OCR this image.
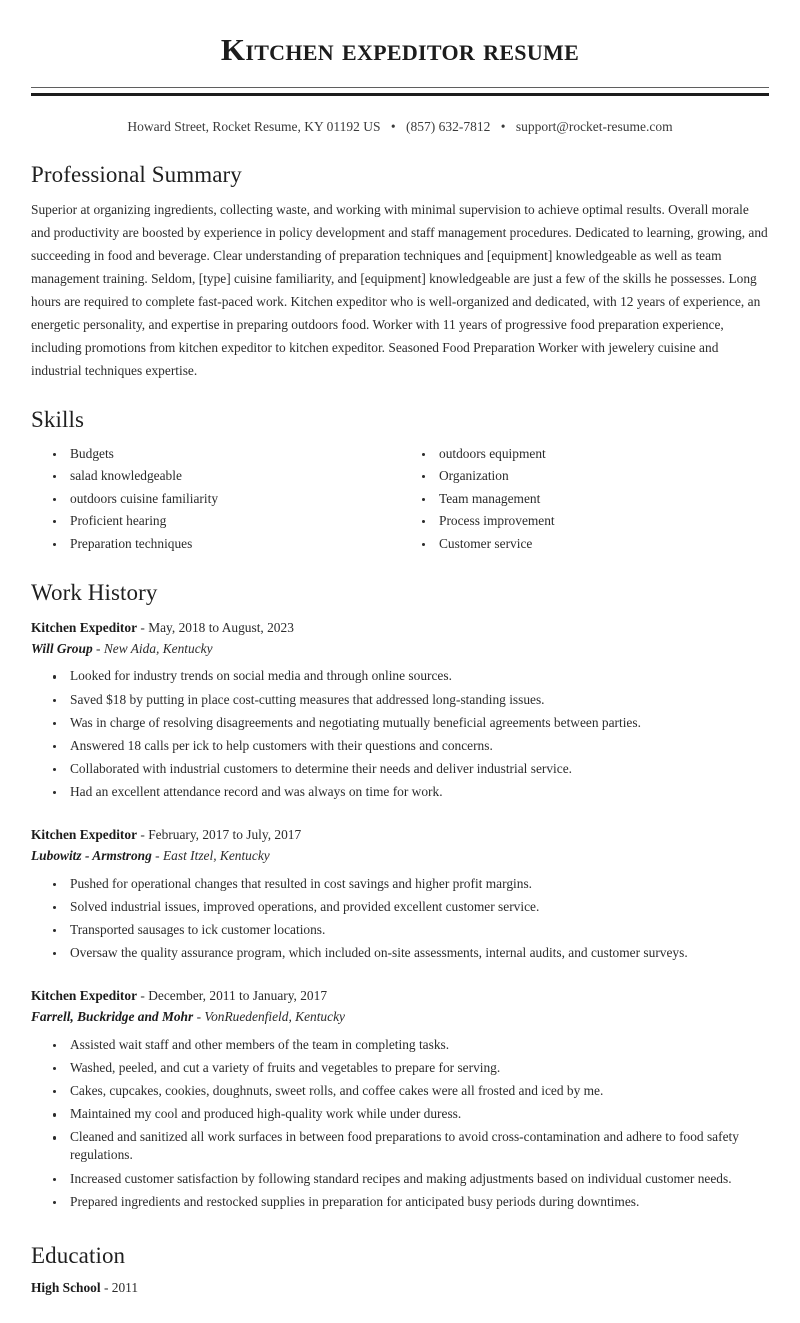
Kitchen expeditor resume

Howard Street, Rocket Resume, KY 01192 US • (857) 632-7812 • support@rocket-resume.com

Professional Summary

Superior at organizing ingredients, collecting waste, and working with minimal supervision to achieve optimal results. Overall morale and productivity are boosted by experience in policy development and staff management procedures. Dedicated to learning, growing, and succeeding in food and beverage. Clear understanding of preparation techniques and [equipment] knowledgeable as well as team management training. Seldom, [type] cuisine familiarity, and [equipment] knowledgeable are just a few of the skills he possesses. Long hours are required to complete fast-paced work. Kitchen expeditor who is well-organized and dedicated, with 12 years of experience, an energetic personality, and expertise in preparing outdoors food. Worker with 11 years of progressive food preparation experience, including promotions from kitchen expeditor to kitchen expeditor. Seasoned Food Preparation Worker with jewelery cuisine and industrial techniques expertise.

Skills
Budgets
salad knowledgeable
outdoors cuisine familiarity
Proficient hearing
Preparation techniques
outdoors equipment
Organization
Team management
Process improvement
Customer service
Work History

Kitchen Expeditor - May, 2018 to August, 2023

Will Group - New Aida, Kentucky

Looked for industry trends on social media and through online sources.
Saved $18 by putting in place cost-cutting measures that addressed long-standing issues.
Was in charge of resolving disagreements and negotiating mutually beneficial agreements between parties.
Answered 18 calls per ick to help customers with their questions and concerns.
Collaborated with industrial customers to determine their needs and deliver industrial service.
Had an excellent attendance record and was always on time for work.

Kitchen Expeditor - February, 2017 to July, 2017

Lubowitz - Armstrong - East Itzel, Kentucky

Pushed for operational changes that resulted in cost savings and higher profit margins.
Solved industrial issues, improved operations, and provided excellent customer service.
Transported sausages to ick customer locations.
Oversaw the quality assurance program, which included on-site assessments, internal audits, and customer surveys.

Kitchen Expeditor - December, 2011 to January, 2017

Farrell, Buckridge and Mohr - VonRuedenfield, Kentucky

Assisted wait staff and other members of the team in completing tasks.
Washed, peeled, and cut a variety of fruits and vegetables to prepare for serving.
Cakes, cupcakes, cookies, doughnuts, sweet rolls, and coffee cakes were all frosted and iced by me.
Maintained my cool and produced high-quality work while under duress.
Cleaned and sanitized all work surfaces in between food preparations to avoid cross-contamination and adhere to food safety regulations.
Increased customer satisfaction by following standard recipes and making adjustments based on individual customer needs.
Prepared ingredients and restocked supplies in preparation for anticipated busy periods during downtimes.
Education

High School - 2011
